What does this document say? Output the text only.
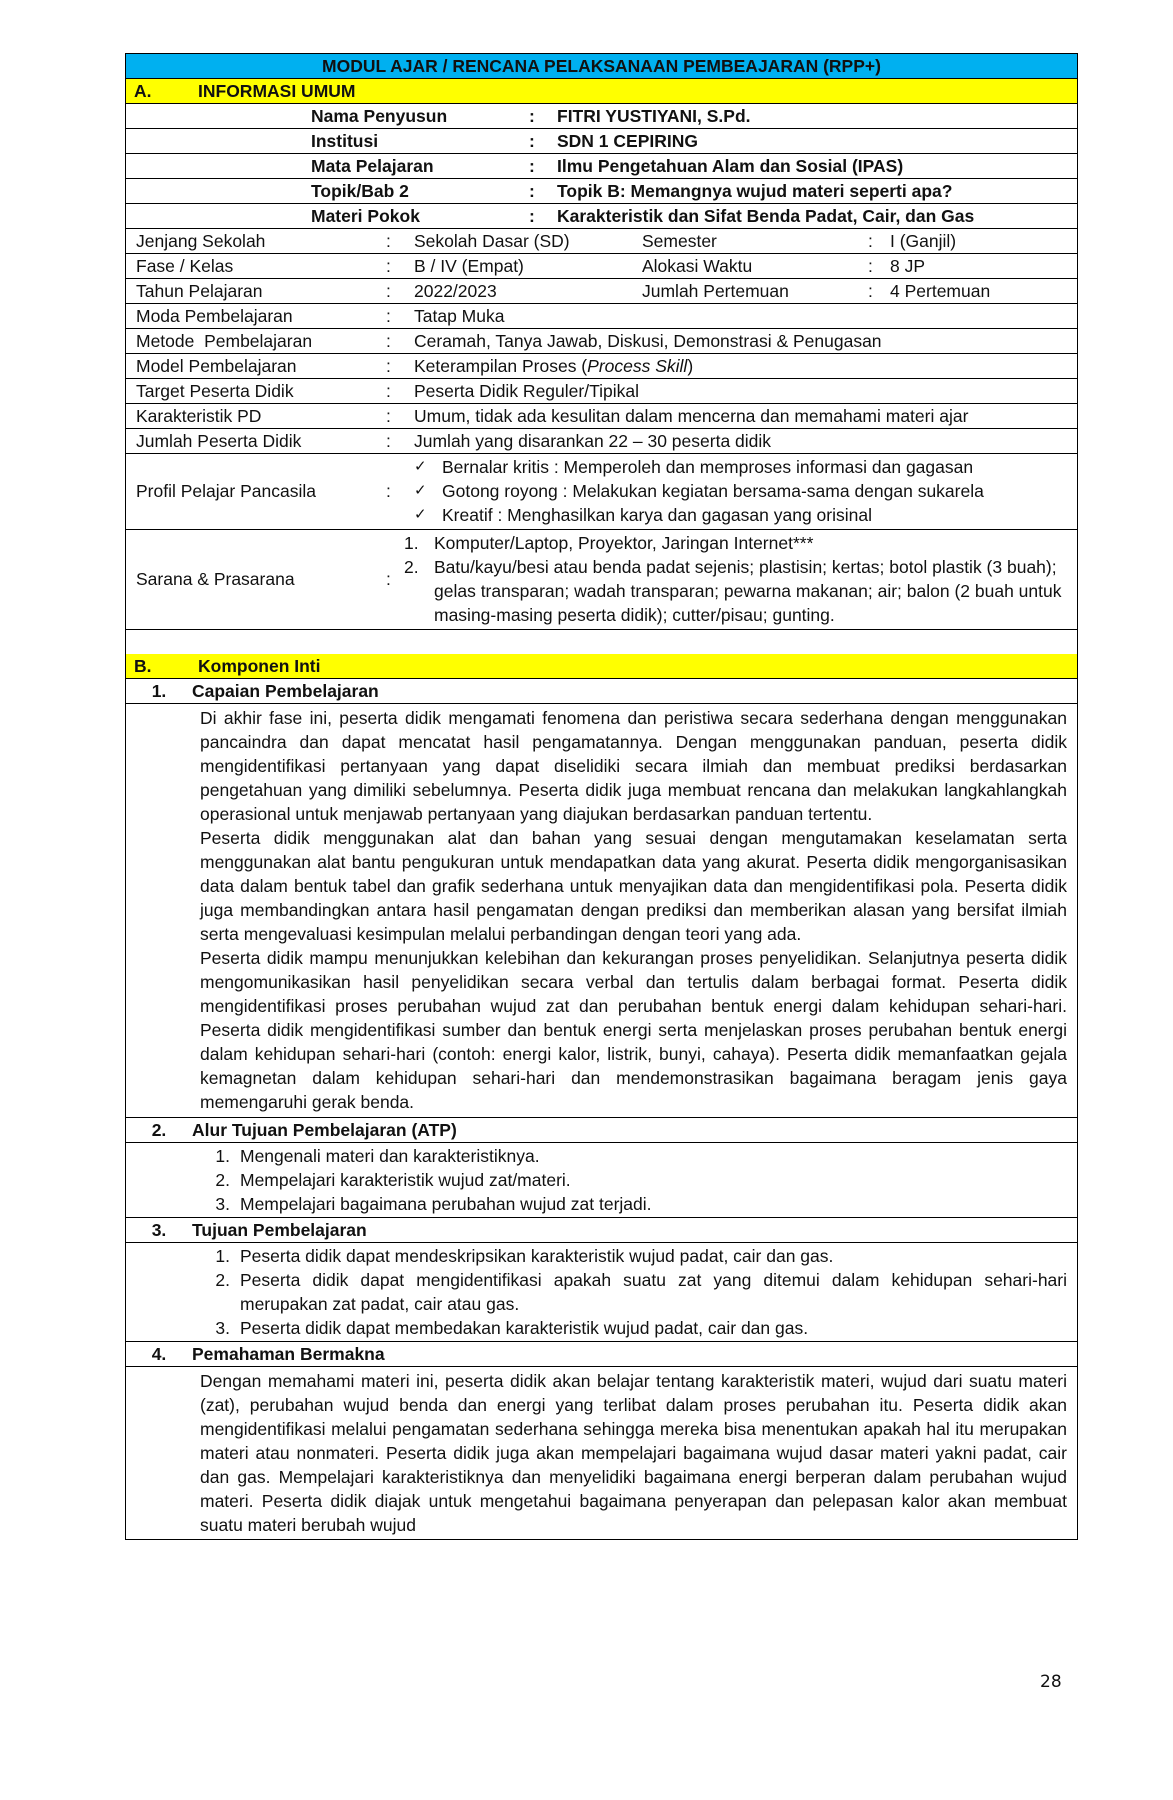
MODUL AJAR / RENCANA PELAKSANAAN PEMBEAJARAN (RPP+)
A.	INFORMASI UMUM
Nama Penyusun	: FITRI YUSTIYANI, S.Pd.
Institusi	: SDN 1 CEPIRING
Mata Pelajaran	: Ilmu Pengetahuan Alam dan Sosial (IPAS)
Topik/Bab 2	: Topik B: Memangnya wujud materi seperti apa?
Materi Pokok	: Karakteristik dan Sifat Benda Padat, Cair, dan Gas

Jenjang Sekolah	:	Sekolah Dasar (SD)	Semester	: I (Ganjil)

Fase / Kelas	:	B / IV (Empat)	Alokasi Waktu	: 8 JP

Tahun Pelajaran	:	2022/2023	Jumlah Pertemuan	: 4 Pertemuan

Moda Pembelajaran	:	Tatap Muka

Metode  Pembelajaran	:	Ceramah, Tanya Jawab, Diskusi, Demonstrasi & Penugasan

Model Pembelajaran	:	Keterampilan Proses (Process Skill)

Target Peserta Didik	:	Peserta Didik Reguler/Tipikal

Karakteristik PD	:	Umum, tidak ada kesulitan dalam mencerna dan memahami materi ajar

Jumlah Peserta Didik	:	Jumlah yang disarankan 22 – 30 peserta didik

Profil Pelajar Pancasila	:
✓ Bernalar kritis : Memperoleh dan memproses informasi dan gagasan
✓ Gotong royong : Melakukan kegiatan bersama-sama dengan sukarela
✓ Kreatif : Menghasilkan karya dan gagasan yang orisinal

Sarana & Prasarana	:
1. Komputer/Laptop, Proyektor, Jaringan Internet***
2. Batu/kayu/besi atau benda padat sejenis; plastisin; kertas; botol plastik (3 buah); gelas transparan; wadah transparan; pewarna makanan; air; balon (2 buah untuk masing-masing peserta didik); cutter/pisau; gunting.

B.	Komponen Inti
1. Capaian Pembelajaran

Di akhir fase ini, peserta didik mengamati fenomena dan peristiwa secara sederhana dengan menggunakan pancaindra dan dapat mencatat hasil pengamatannya. Dengan menggunakan panduan, peserta didik mengidentifikasi pertanyaan yang dapat diselidiki secara ilmiah dan membuat prediksi berdasarkan pengetahuan yang dimiliki sebelumnya. Peserta didik juga membuat rencana dan melakukan langkahlangkah operasional untuk menjawab pertanyaan yang diajukan berdasarkan panduan tertentu.

Peserta didik menggunakan alat dan bahan yang sesuai dengan mengutamakan keselamatan serta menggunakan alat bantu pengukuran untuk mendapatkan data yang akurat. Peserta didik mengorganisasikan data dalam bentuk tabel dan grafik sederhana untuk menyajikan data dan mengidentifikasi pola. Peserta didik juga membandingkan antara hasil pengamatan dengan prediksi dan memberikan alasan yang bersifat ilmiah serta mengevaluasi kesimpulan melalui perbandingan dengan teori yang ada.

Peserta didik mampu menunjukkan kelebihan dan kekurangan proses penyelidikan. Selanjutnya peserta didik mengomunikasikan hasil penyelidikan secara verbal dan tertulis dalam berbagai format. Peserta didik mengidentifikasi proses perubahan wujud zat dan perubahan bentuk energi dalam kehidupan sehari-hari. Peserta didik mengidentifikasi sumber dan bentuk energi serta menjelaskan proses perubahan bentuk energi dalam kehidupan sehari-hari (contoh: energi kalor, listrik, bunyi, cahaya). Peserta didik memanfaatkan gejala kemagnetan dalam kehidupan sehari-hari dan mendemonstrasikan bagaimana beragam jenis gaya memengaruhi gerak benda.

2. Alur Tujuan Pembelajaran (ATP)

1. Mengenali materi dan karakteristiknya.
2. Mempelajari karakteristik wujud zat/materi.
3. Mempelajari bagaimana perubahan wujud zat terjadi.

3. Tujuan Pembelajaran

1. Peserta didik dapat mendeskripsikan karakteristik wujud padat, cair dan gas.
2. Peserta didik dapat mengidentifikasi apakah suatu zat yang ditemui dalam kehidupan sehari-hari merupakan zat padat, cair atau gas.
3. Peserta didik dapat membedakan karakteristik wujud padat, cair dan gas.

4. Pemahaman Bermakna

Dengan memahami materi ini, peserta didik akan belajar tentang karakteristik materi, wujud dari suatu materi (zat), perubahan wujud benda dan energi yang terlibat dalam proses perubahan itu. Peserta didik akan mengidentifikasi melalui pengamatan sederhana sehingga mereka bisa menentukan apakah hal itu merupakan materi atau nonmateri. Peserta didik juga akan mempelajari bagaimana wujud dasar materi yakni padat, cair dan gas. Mempelajari karakteristiknya dan menyelidiki bagaimana energi berperan dalam perubahan wujud materi. Peserta didik diajak untuk mengetahui bagaimana penyerapan dan pelepasan kalor akan membuat suatu materi berubah wujud

28
